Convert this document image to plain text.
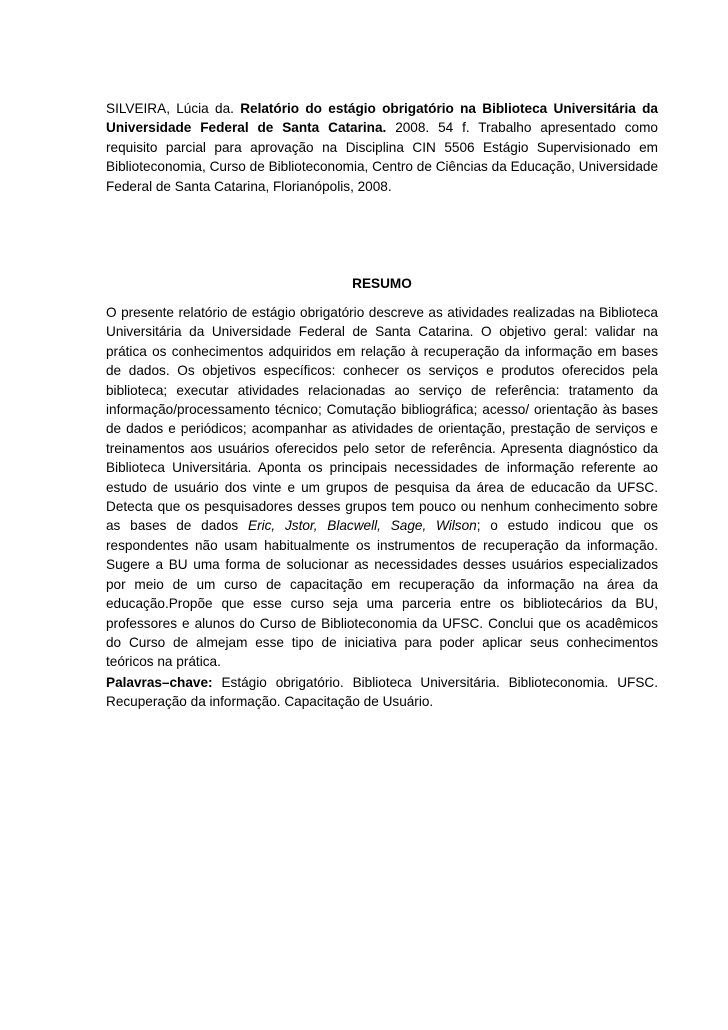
SILVEIRA, Lúcia da. Relatório do estágio obrigatório na Biblioteca Universitária da Universidade Federal de Santa Catarina. 2008. 54 f. Trabalho apresentado como requisito parcial para aprovação na Disciplina CIN 5506 Estágio Supervisionado em Biblioteconomia, Curso de Biblioteconomia, Centro de Ciências da Educação, Universidade Federal de Santa Catarina, Florianópolis, 2008.

RESUMO

O presente relatório de estágio obrigatório descreve as atividades realizadas na Biblioteca Universitária da Universidade Federal de Santa Catarina. O objetivo geral: validar na prática os conhecimentos adquiridos em relação à recuperação da informação em bases de dados. Os objetivos específicos: conhecer os serviços e produtos oferecidos pela biblioteca; executar atividades relacionadas ao serviço de referência: tratamento da informação/processamento técnico; Comutação bibliográfica; acesso/ orientação às bases de dados e periódicos; acompanhar as atividades de orientação, prestação de serviços e treinamentos aos usuários oferecidos pelo setor de referência. Apresenta diagnóstico da Biblioteca Universitária. Aponta os principais necessidades de informação referente ao estudo de usuário dos vinte e um grupos de pesquisa da área de educacão da UFSC. Detecta que os pesquisadores desses grupos tem pouco ou nenhum conhecimento sobre as bases de dados Eric, Jstor, Blacwell, Sage, Wilson; o estudo indicou que os respondentes não usam habitualmente os instrumentos de recuperação da informação. Sugere a BU uma forma de solucionar as necessidades desses usuários especializados por meio de um curso de capacitação em recuperação da informação na área da educação.Propõe que esse curso seja uma parceria entre os bibliotecários da BU, professores e alunos do Curso de Biblioteconomia da UFSC. Conclui que os acadêmicos do Curso de almejam esse tipo de iniciativa para poder aplicar seus conhecimentos teóricos na prática.

Palavras–chave: Estágio obrigatório. Biblioteca Universitária. Biblioteconomia. UFSC. Recuperação da informação. Capacitação de Usuário.
